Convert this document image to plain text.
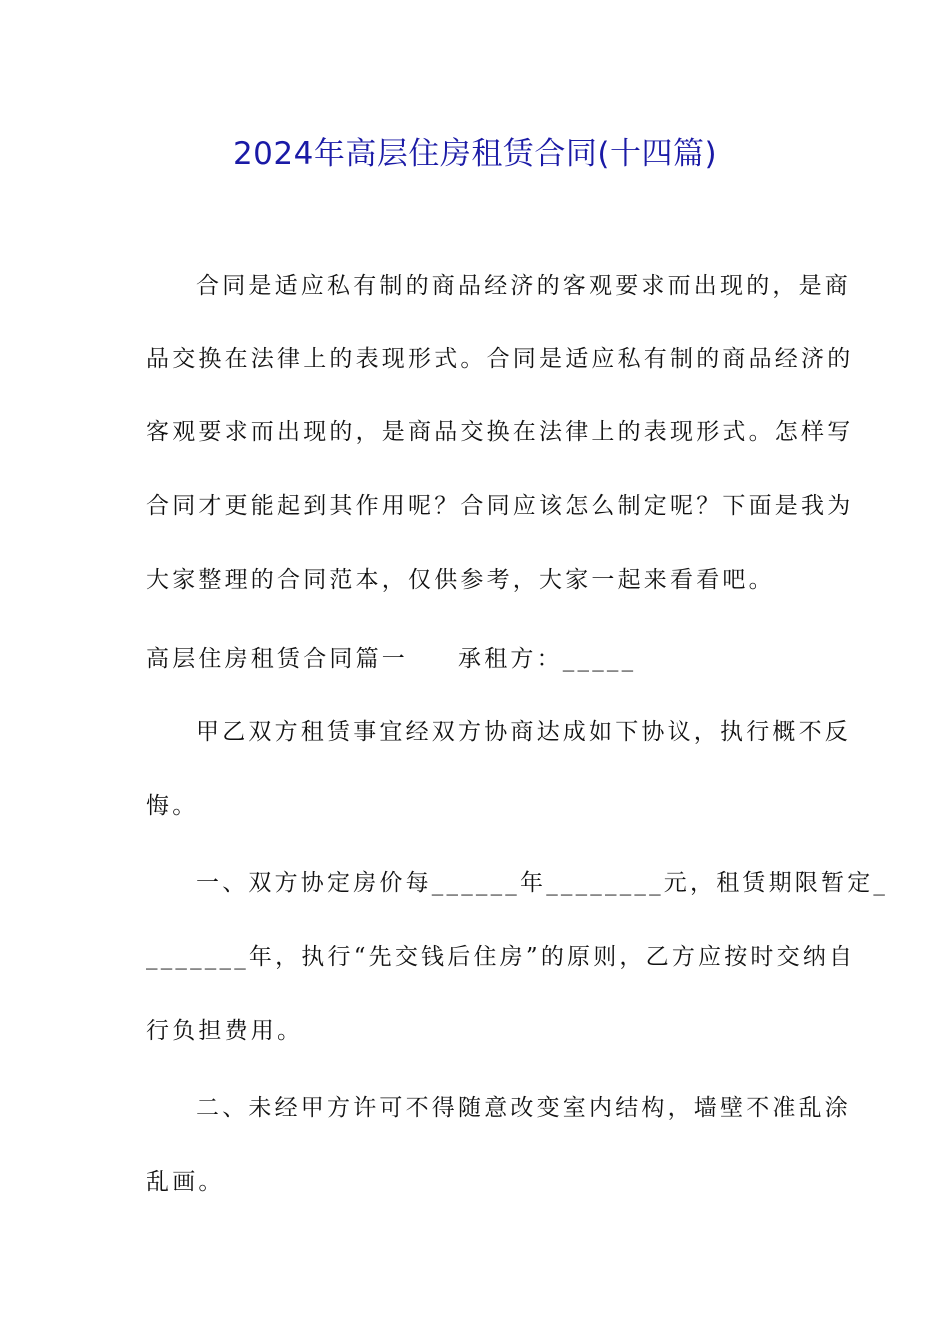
2024年高层住房租赁合同(十四篇)
合同是适应私有制的商品经济的客观要求而出现的，是商
品交换在法律上的表现形式。合同是适应私有制的商品经济的
客观要求而出现的，是商品交换在法律上的表现形式。怎样写
合同才更能起到其作用呢？合同应该怎么制定呢？下面是我为
大家整理的合同范本，仅供参考，大家一起来看看吧。
高层住房租赁合同篇一 承租方：_____
甲乙双方租赁事宜经双方协商达成如下协议，执行概不反
悔。
一、双方协定房价每______年________元，租赁期限暂定_
_______年，执行“先交钱后住房”的原则，乙方应按时交纳自
行负担费用。
二、未经甲方许可不得随意改变室内结构，墙壁不准乱涂
乱画。
